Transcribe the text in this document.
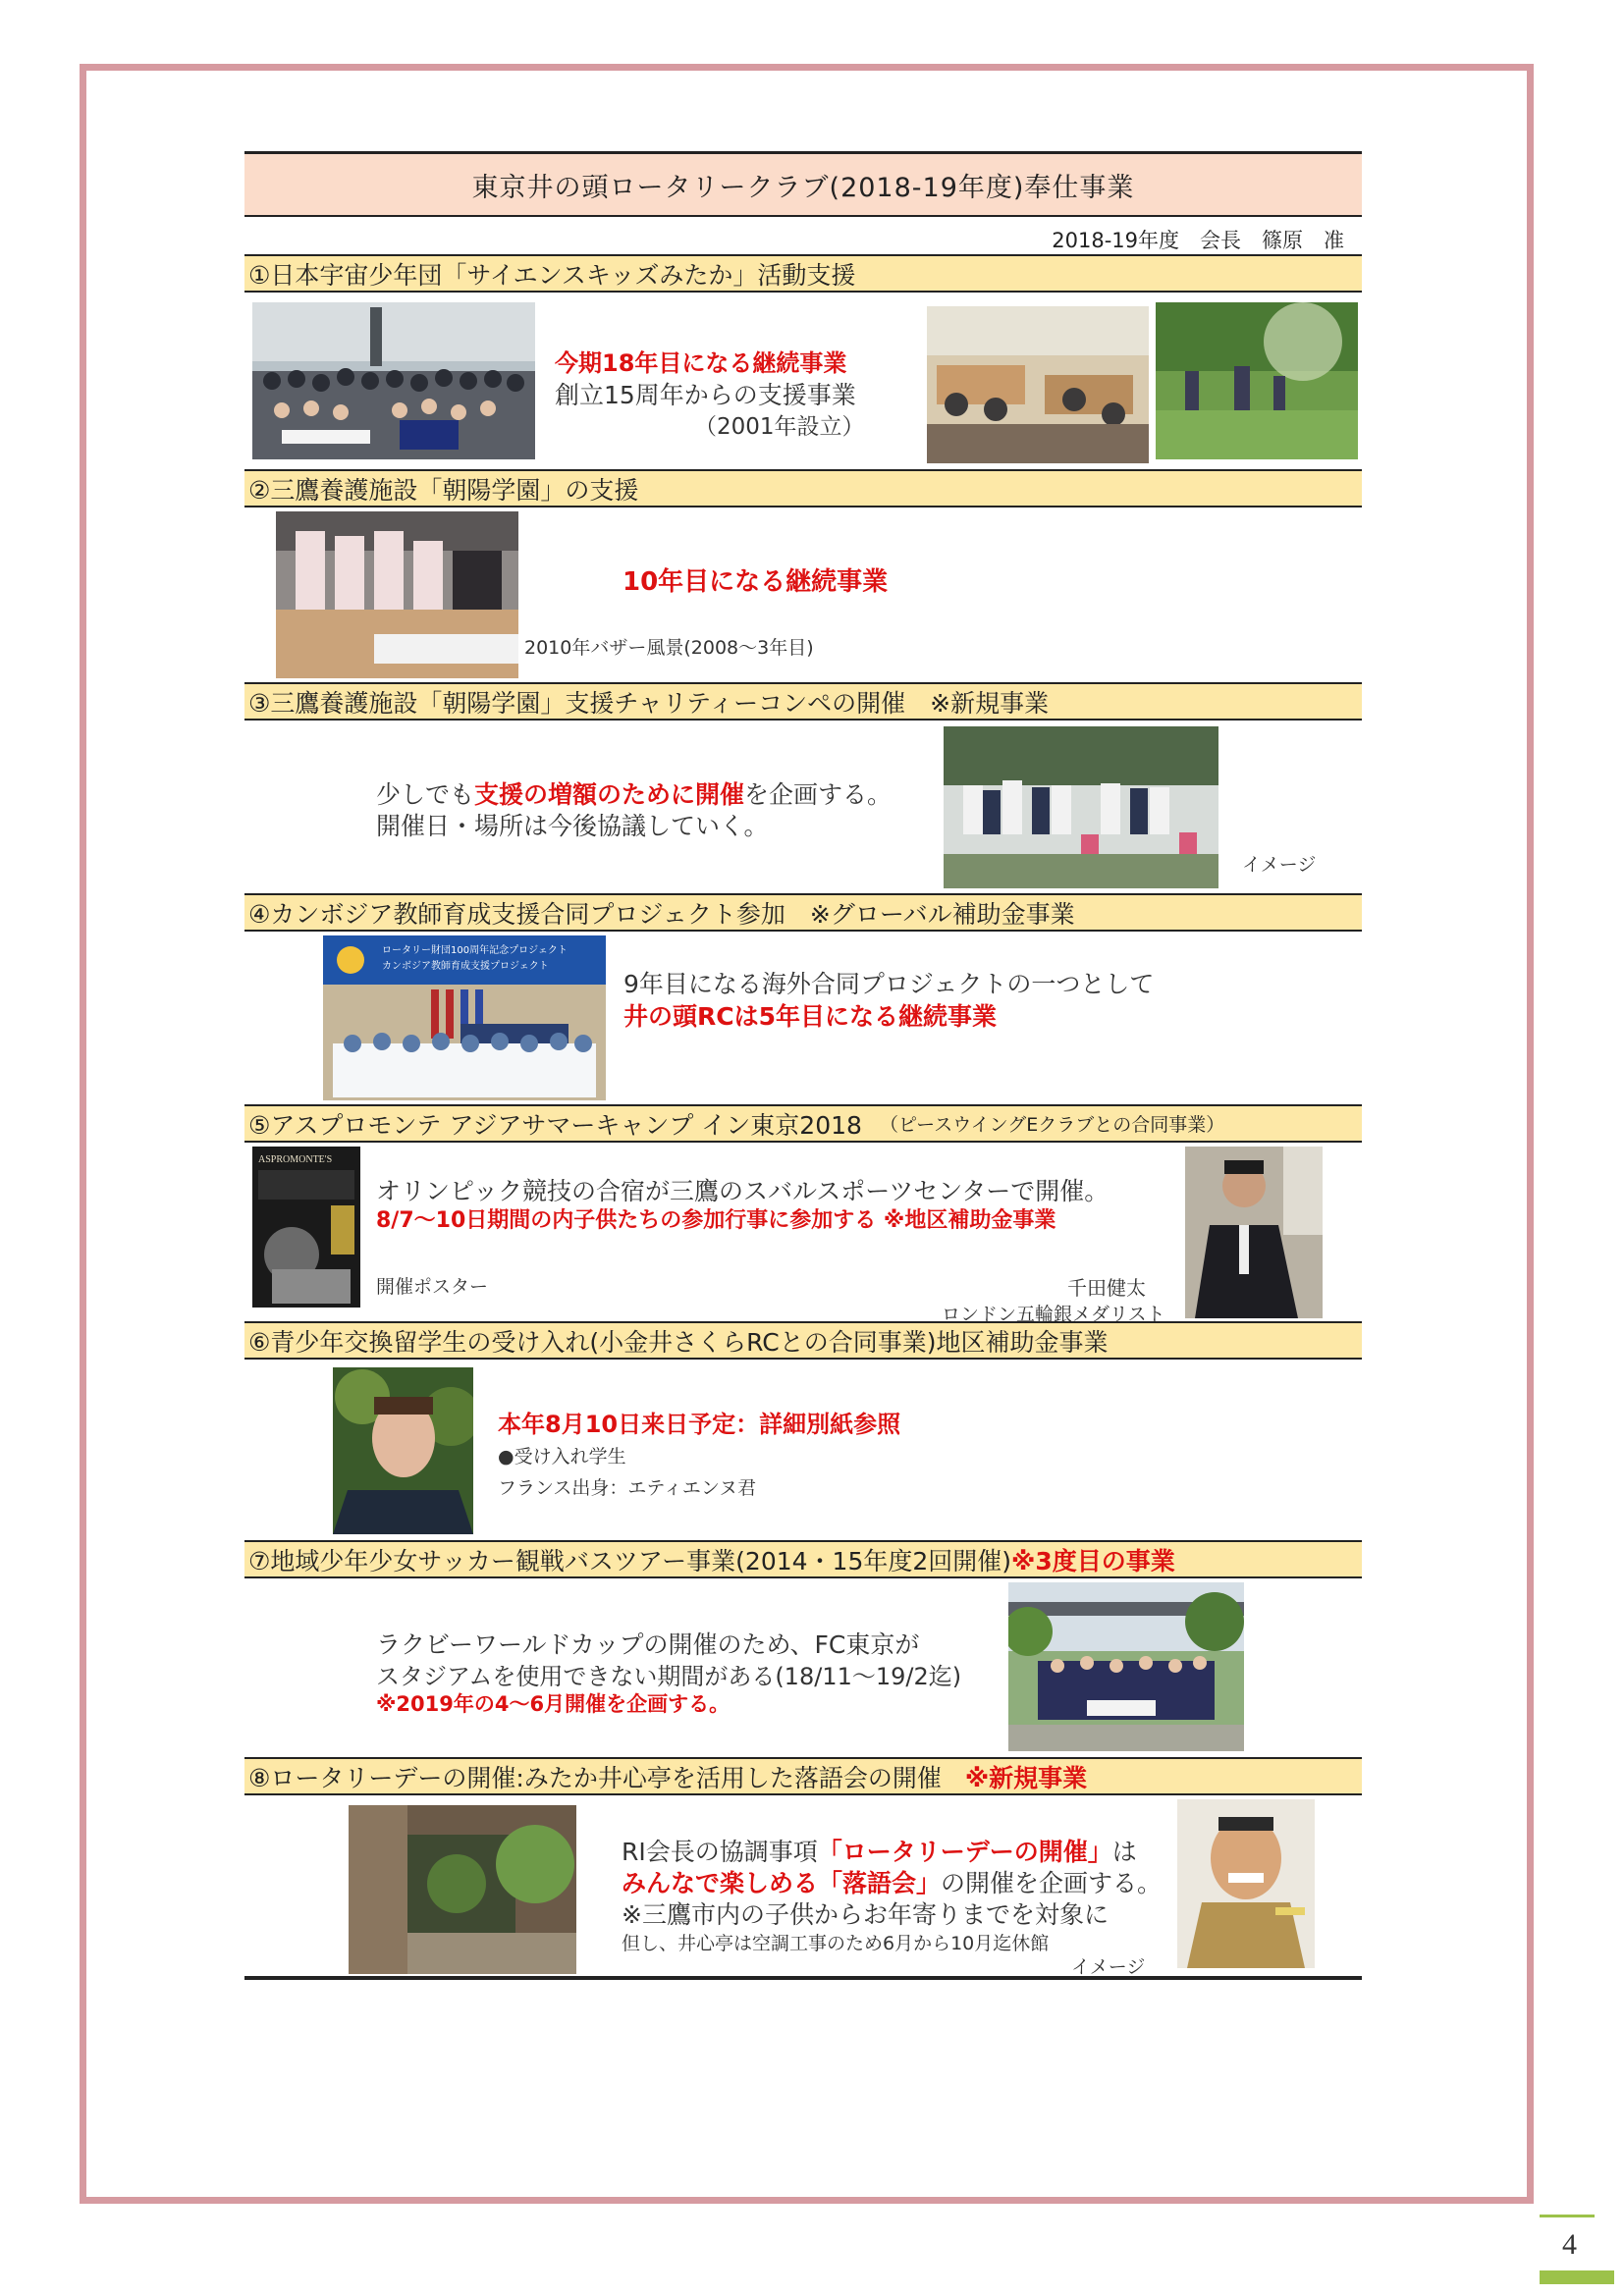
東京井の頭ロータリークラブ(2018-19年度)奉仕事業
2018-19年度　会長　篠原　准
①日本宇宙少年団「サイエンスキッズみたか」活動支援
今期18年目になる継続事業
創立15周年からの支援事業
（2001年設立）
②三鷹養護施設「朝陽学園」の支援
10年目になる継続事業
2010年バザー風景(2008～3年目)
③三鷹養護施設「朝陽学園」支援チャリティーコンペの開催　※新規事業
少しでも支援の増額のために開催を企画する。
開催日・場所は今後協議していく。
イメージ
④カンボジア教師育成支援合同プロジェクト参加　※グローバル補助金事業
ロータリー財団100周年記念プロジェクト
カンボジア教師育成支援プロジェクト
9年目になる海外合同プロジェクトの一つとして
井の頭RCは5年目になる継続事業
⑤アスプロモンテ アジアサマーキャンプ イン東京2018 （ピースウイングEクラブとの合同事業）
ASPROMONTE'S
オリンピック競技の合宿が三鷹のスバルスポーツセンターで開催。
8/7～10日期間の内子供たちの参加行事に参加する ※地区補助金事業
開催ポスター	千田健太
ロンドン五輪銀メダリスト
⑥青少年交換留学生の受け入れ(小金井さくらRCとの合同事業)地区補助金事業
本年8月10日来日予定：詳細別紙参照
●受け入れ学生
フランス出身：エティエンヌ君
⑦地域少年少女サッカー観戦バスツアー事業(2014・15年度2回開催) ※3度目の事業
ラクビーワールドカップの開催のため、FC東京が
スタジアムを使用できない期間がある(18/11～19/2迄)
※2019年の4～6月開催を企画する。
⑧ロータリーデーの開催:みたか井心亭を活用した落語会の開催 ※新規事業
RI会長の協調事項「ロータリーデーの開催」は
みんなで楽しめる「落語会」の開催を企画する。
※三鷹市内の子供からお年寄りまでを対象に
但し、井心亭は空調工事のため6月から10月迄休館
イメージ
4
